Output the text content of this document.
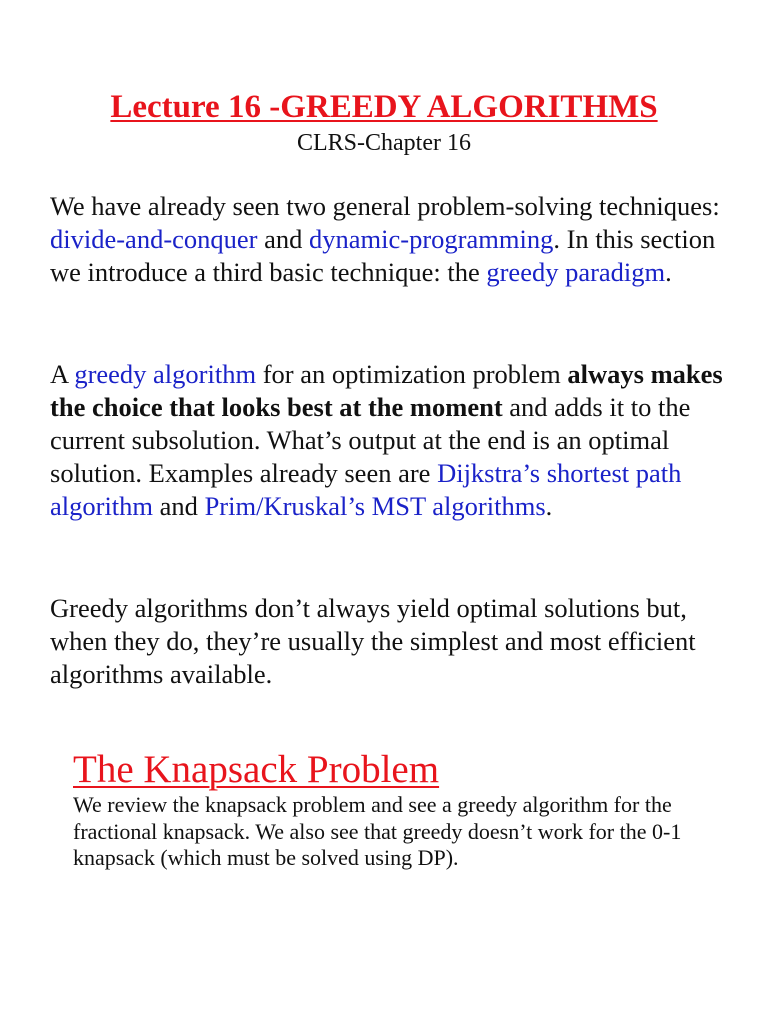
Lecture 16 -GREEDY ALGORITHMS
CLRS-Chapter 16

We have already seen two general problem-solving techniques: divide-and-conquer and dynamic-programming. In this section we introduce a third basic technique: the greedy paradigm.

A greedy algorithm for an optimization problem always makes the choice that looks best at the moment and adds it to the current subsolution. What’s output at the end is an optimal solution. Examples already seen are Dijkstra’s shortest path algorithm and Prim/Kruskal’s MST algorithms.

Greedy algorithms don’t always yield optimal solutions but, when they do, they’re usually the simplest and most efficient algorithms available.

The Knapsack Problem

We review the knapsack problem and see a greedy algorithm for the fractional knapsack. We also see that greedy doesn’t work for the 0-1 knapsack (which must be solved using DP).
